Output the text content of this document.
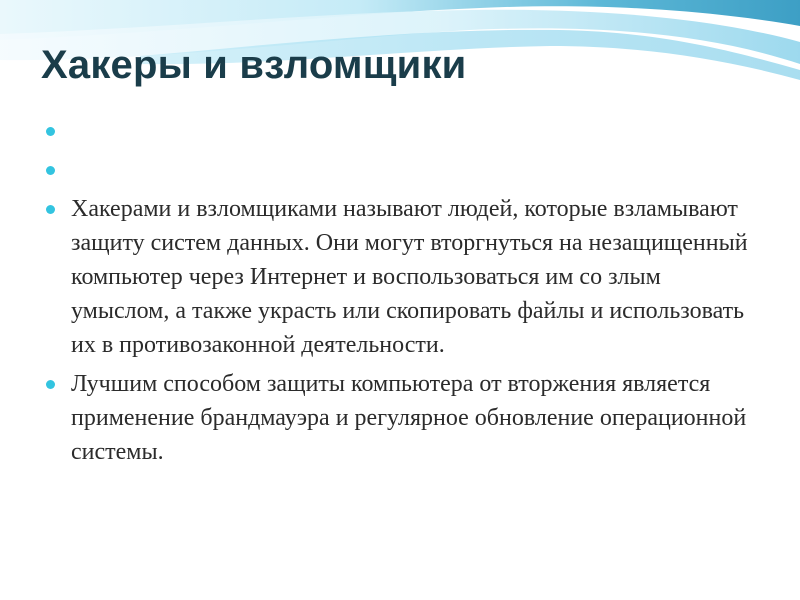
Хакеры и взломщики
Хакерами и взломщиками называют людей, которые взламывают защиту систем данных. Они могут вторгнуться на незащищенный компьютер через Интернет и воспользоваться им со злым умыслом, а также украсть или скопировать файлы и использовать их в противозаконной деятельности.
Лучшим способом защиты компьютера от вторжения является применение брандмауэра и регулярное обновление операционной системы.
